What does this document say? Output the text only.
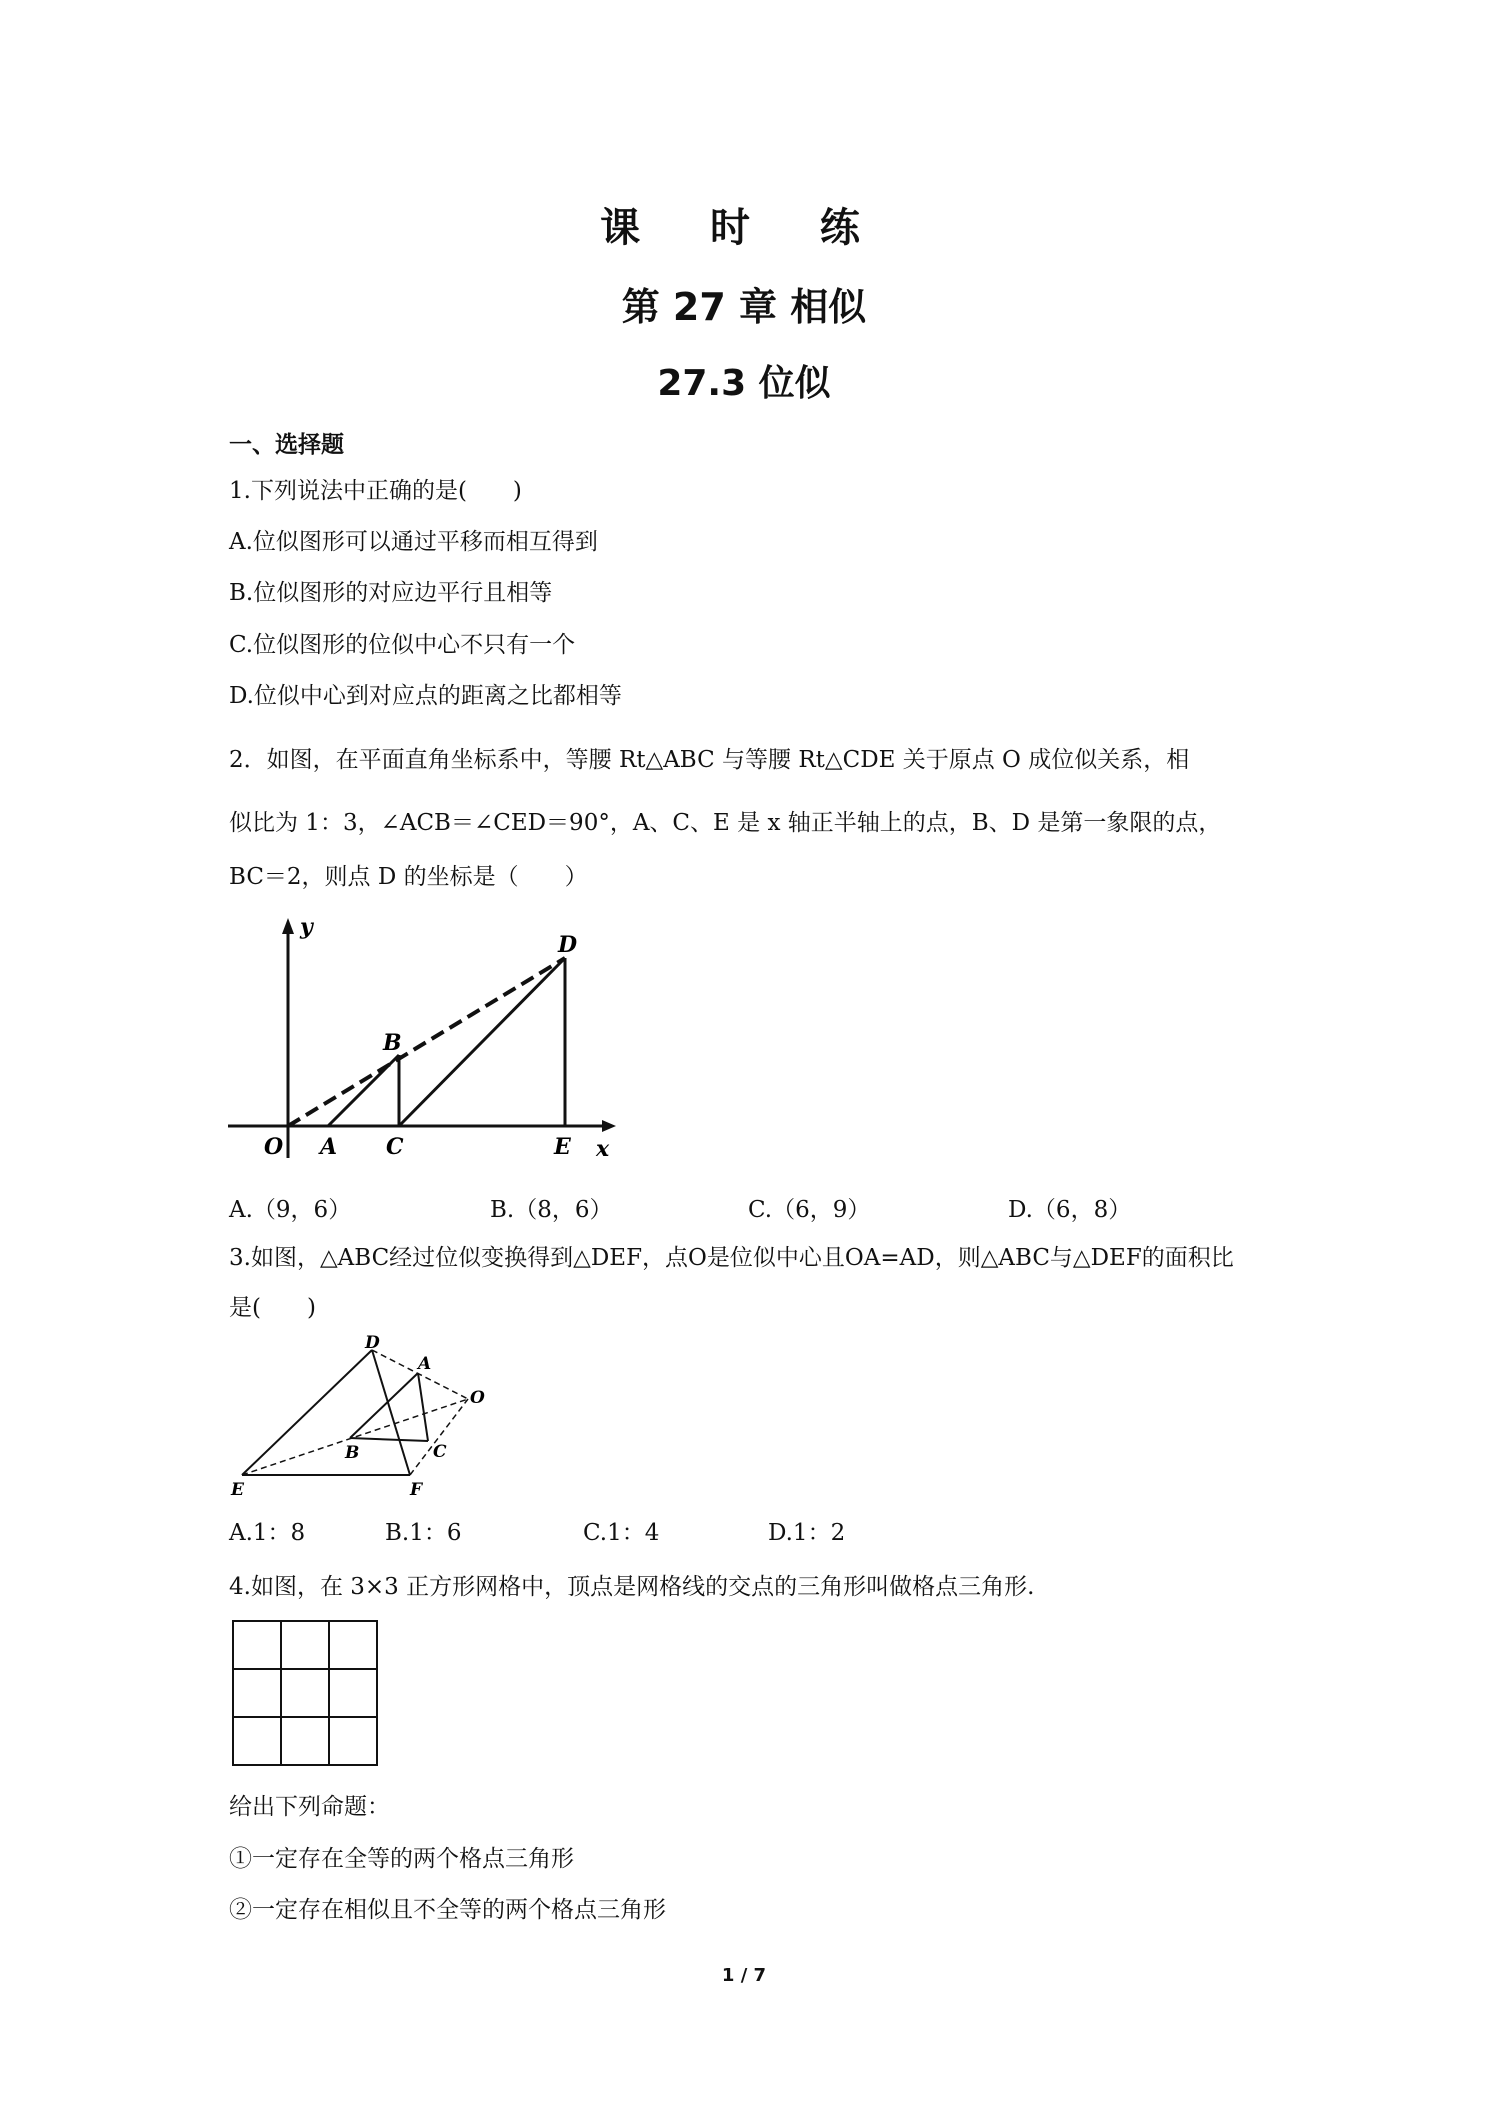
课 时 练
第 27 章 相似
27.3 位似
一、选择题
1.下列说法中正确的是(　　)
A.位似图形可以通过平移而相互得到
B.位似图形的对应边平行且相等
C.位似图形的位似中心不只有一个
D.位似中心到对应点的距离之比都相等
2．如图，在平面直角坐标系中，等腰 Rt△ABC 与等腰 Rt△CDE 关于原点 O 成位似关系，相
似比为 1：3，∠ACB＝∠CED＝90°，A、C、E 是 x 轴正半轴上的点，B、D 是第一象限的点，
BC＝2，则点 D 的坐标是（　　）
y
x
O A
B
C
D
E
A.（9，6）	B.（8，6）	C.（6，9）	D.（6，8）
3.如图，△ABC经过位似变换得到△DEF，点O是位似中心且OA=AD，则△ABC与△DEF的面积比
是(　　)
D
A
O
B	C
E	F
A.1：8	B.1：6	C.1：4	D.1：2
4.如图，在 3×3 正方形网格中，顶点是网格线的交点的三角形叫做格点三角形.
给出下列命题：
①一定存在全等的两个格点三角形
②一定存在相似且不全等的两个格点三角形
1 / 7
